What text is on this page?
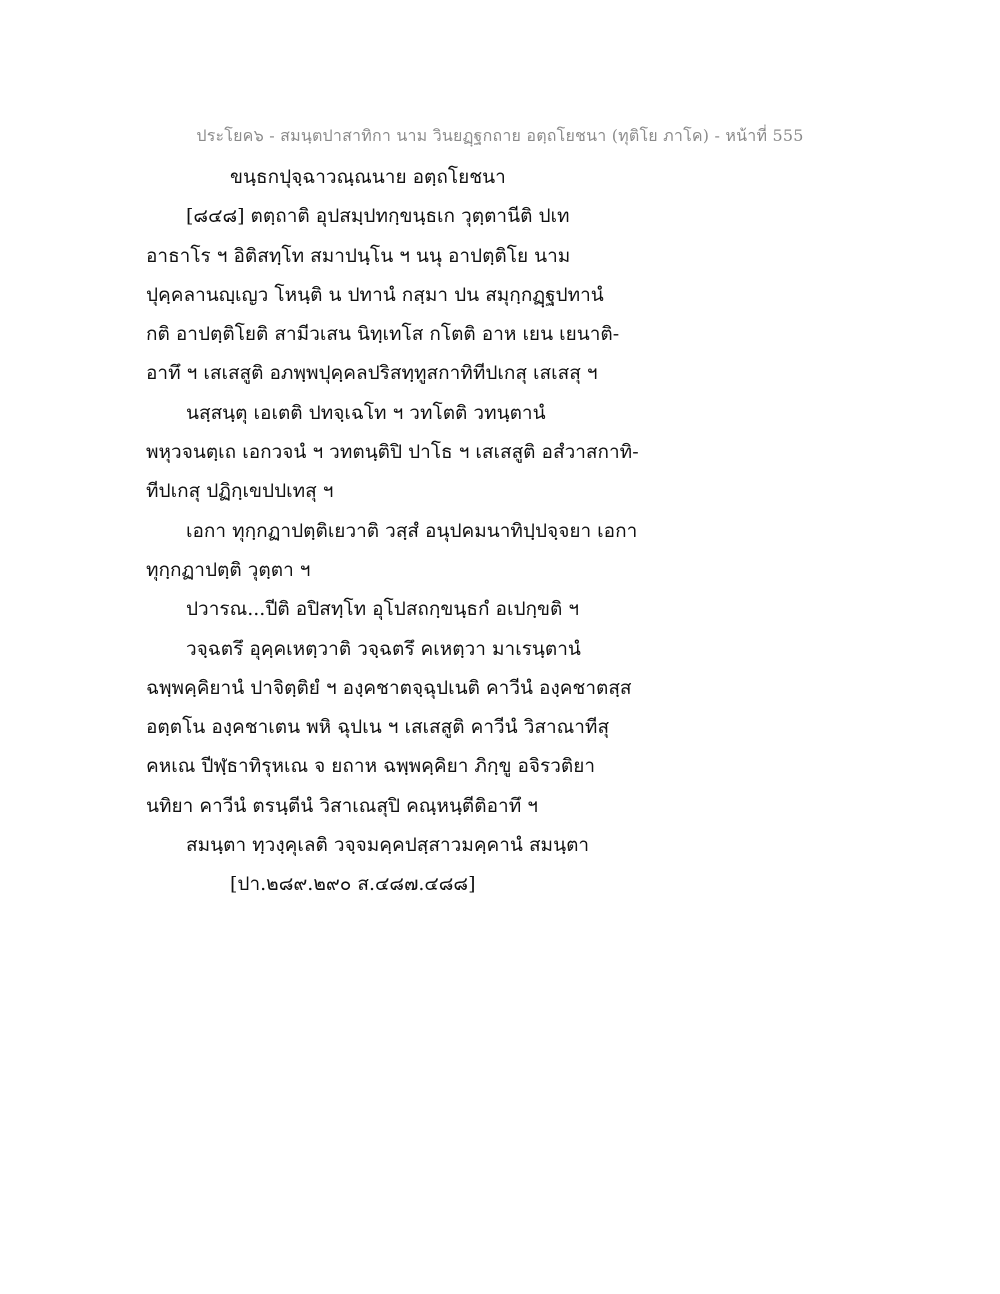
ประโยค๖ - สมนฺตปาสาทิกา นาม วินยฏฺฐกถาย อตฺถโยชนา (ทุติโย ภาโค) - หน้าที่ 555
ขนฺธกปุจฺฉาวณฺณนาย อตฺถโยชนา
[๘๔๘] ตตฺถาติ อุปสมฺปทกฺขนฺธเก วุตฺตานีติ ปเท
อาธาโร ฯ อิติสทฺโท สมาปนฺโน ฯ นนุ อาปตฺติโย นาม
ปุคฺคลานญฺเญว โหนฺติ น ปทานํ กสฺมา ปน สมุกฺกฏฺฐปทานํ
กติ อาปตฺติโยติ สามีวเสน นิทฺเทโส กโตติ อาห เยน เยนาติ-
อาทึ ฯ เสเสสูติ อภพฺพปุคฺคลปริสทฺทูสกาทิทีปเกสุ เสเสสุ ฯ
นสฺสนฺตุ เอเตติ ปทจฺเฉโท ฯ วทโตติ วทนฺตานํ
พหุวจนตฺเถ เอกวจนํ ฯ วทตนฺติปิ ปาโธ ฯ เสเสสูติ อสํวาสกาทิ-
ทีปเกสุ ปฏิกฺเขปปเทสุ ฯ
เอกา ทุกฺกฏาปตฺติเยวาติ วสฺสํ อนุปคมนาทิปฺปจฺจยา เอกา
ทุกฺกฏาปตฺติ วุตฺตา ฯ
ปวารณ...ปีติ อปิสทฺโท อุโปสถกฺขนฺธกํ อเปกฺขติ ฯ
วจฺฉตรึ อุคฺคเหตฺวาติ วจฺฉตรึ คเหตฺวา มาเรนฺตานํ
ฉพฺพคฺคิยานํ ปาจิตฺติยํ ฯ องฺคชาตจฺฉุปเนติ คาวีนํ องฺคชาตสฺส
อตฺตโน องฺคชาเตน พหิ ฉุปเน ฯ เสเสสูติ คาวีนํ วิสาณาทีสุ
คหเณ ปีฬฺธาทิรุหเณ จ ยถาห ฉพฺพคฺคิยา ภิกฺขู อจิรวติยา
นทิยา คาวีนํ ตรนฺตีนํ วิสาเณสุปิ คณฺหนฺตีติอาทึ ฯ
สมนฺตา ทฺวงฺคุเลติ วจฺจมคฺคปสฺสาวมคฺคานํ สมนฺตา
[ปา.๒๘๙.๒๙๐ ส.๔๘๗.๔๘๘]
